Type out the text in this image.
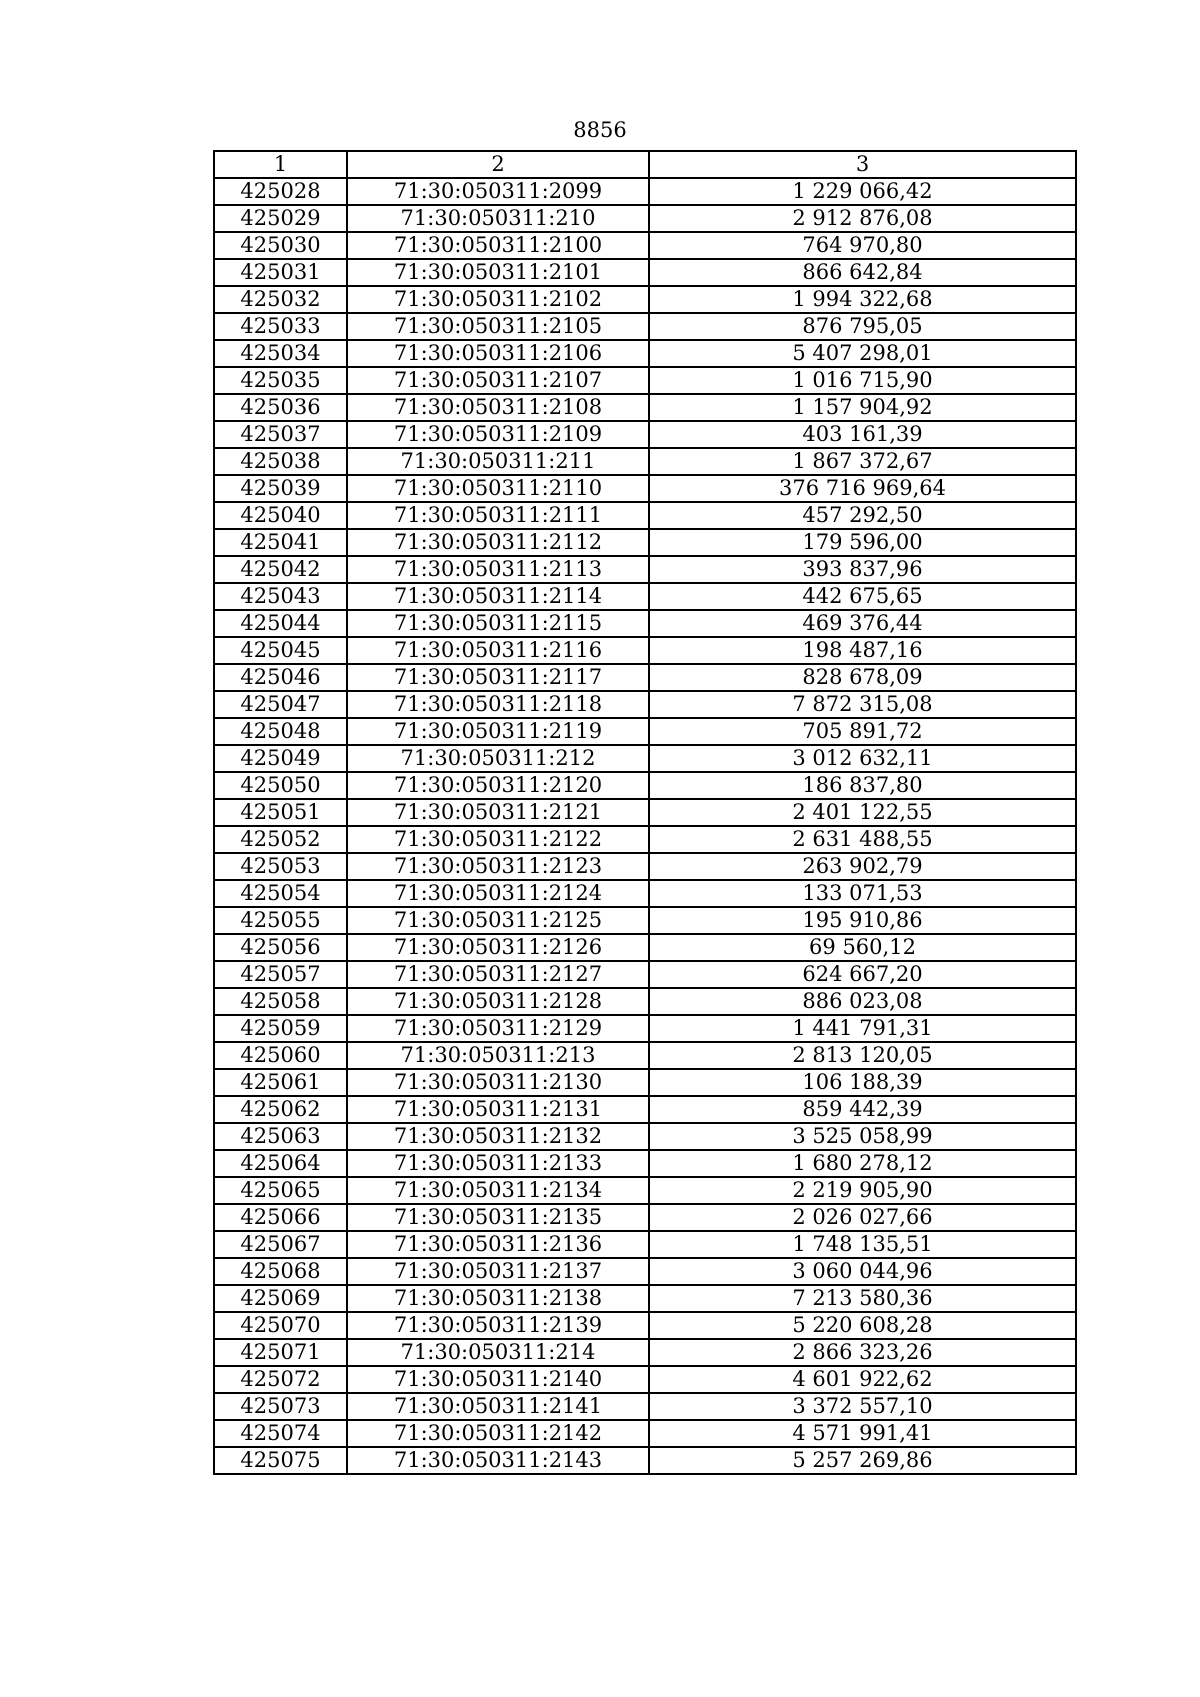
8856
1	2	3
425028	71:30:050311:2099	1 229 066,42
425029	71:30:050311:210	2 912 876,08
425030	71:30:050311:2100	764 970,80
425031	71:30:050311:2101	866 642,84
425032	71:30:050311:2102	1 994 322,68
425033	71:30:050311:2105	876 795,05
425034	71:30:050311:2106	5 407 298,01
425035	71:30:050311:2107	1 016 715,90
425036	71:30:050311:2108	1 157 904,92
425037	71:30:050311:2109	403 161,39
425038	71:30:050311:211	1 867 372,67
425039	71:30:050311:2110	376 716 969,64
425040	71:30:050311:2111	457 292,50
425041	71:30:050311:2112	179 596,00
425042	71:30:050311:2113	393 837,96
425043	71:30:050311:2114	442 675,65
425044	71:30:050311:2115	469 376,44
425045	71:30:050311:2116	198 487,16
425046	71:30:050311:2117	828 678,09
425047	71:30:050311:2118	7 872 315,08
425048	71:30:050311:2119	705 891,72
425049	71:30:050311:212	3 012 632,11
425050	71:30:050311:2120	186 837,80
425051	71:30:050311:2121	2 401 122,55
425052	71:30:050311:2122	2 631 488,55
425053	71:30:050311:2123	263 902,79
425054	71:30:050311:2124	133 071,53
425055	71:30:050311:2125	195 910,86
425056	71:30:050311:2126	69 560,12
425057	71:30:050311:2127	624 667,20
425058	71:30:050311:2128	886 023,08
425059	71:30:050311:2129	1 441 791,31
425060	71:30:050311:213	2 813 120,05
425061	71:30:050311:2130	106 188,39
425062	71:30:050311:2131	859 442,39
425063	71:30:050311:2132	3 525 058,99
425064	71:30:050311:2133	1 680 278,12
425065	71:30:050311:2134	2 219 905,90
425066	71:30:050311:2135	2 026 027,66
425067	71:30:050311:2136	1 748 135,51
425068	71:30:050311:2137	3 060 044,96
425069	71:30:050311:2138	7 213 580,36
425070	71:30:050311:2139	5 220 608,28
425071	71:30:050311:214	2 866 323,26
425072	71:30:050311:2140	4 601 922,62
425073	71:30:050311:2141	3 372 557,10
425074	71:30:050311:2142	4 571 991,41
425075	71:30:050311:2143	5 257 269,86
